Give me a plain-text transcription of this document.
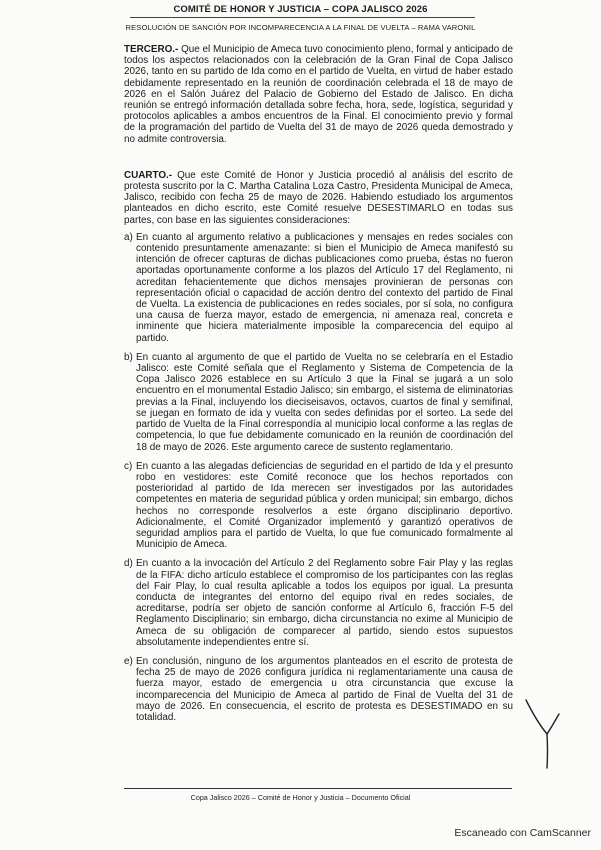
COMITÉ DE HONOR Y JUSTICIA – COPA JALISCO 2026
RESOLUCIÓN DE SANCIÓN POR INCOMPARECENCIA A LA FINAL DE VUELTA – RAMA VARONIL

TERCERO.- Que el Municipio de Ameca tuvo conocimiento pleno, formal y anticipado de todos los aspectos relacionados con la celebración de la Gran Final de Copa Jalisco 2026, tanto en su partido de Ida como en el partido de Vuelta, en virtud de haber estado debidamente representado en la reunión de coordinación celebrada el 18 de mayo de 2026 en el Salón Juárez del Palacio de Gobierno del Estado de Jalisco. En dicha reunión se entregó información detallada sobre fecha, hora, sede, logística, seguridad y protocolos aplicables a ambos encuentros de la Final. El conocimiento previo y formal de la programación del partido de Vuelta del 31 de mayo de 2026 queda demostrado y no admite controversia.

CUARTO.- Que este Comité de Honor y Justicia procedió al análisis del escrito de protesta suscrito por la C. Martha Catalina Loza Castro, Presidenta Municipal de Ameca, Jalisco, recibido con fecha 25 de mayo de 2026. Habiendo estudiado los argumentos planteados en dicho escrito, este Comité resuelve DESESTIMARLO en todas sus partes, con base en las siguientes consideraciones:

a) En cuanto al argumento relativo a publicaciones y mensajes en redes sociales con contenido presuntamente amenazante: si bien el Municipio de Ameca manifestó su intención de ofrecer capturas de dichas publicaciones como prueba, éstas no fueron aportadas oportunamente conforme a los plazos del Artículo 17 del Reglamento, ni acreditan fehacientemente que dichos mensajes provinieran de personas con representación oficial o capacidad de acción dentro del contexto del partido de Final de Vuelta. La existencia de publicaciones en redes sociales, por sí sola, no configura una causa de fuerza mayor, estado de emergencia, ni amenaza real, concreta e inminente que hiciera materialmente imposible la comparecencia del equipo al partido.
b) En cuanto al argumento de que el partido de Vuelta no se celebraría en el Estadio Jalisco: este Comité señala que el Reglamento y Sistema de Competencia de la Copa Jalisco 2026 establece en su Artículo 3 que la Final se jugará a un solo encuentro en el monumental Estadio Jalisco; sin embargo, el sistema de eliminatorias previas a la Final, incluyendo los dieciseisavos, octavos, cuartos de final y semifinal, se juegan en formato de ida y vuelta con sedes definidas por el sorteo. La sede del partido de Vuelta de la Final correspondía al municipio local conforme a las reglas de competencia, lo que fue debidamente comunicado en la reunión de coordinación del 18 de mayo de 2026. Este argumento carece de sustento reglamentario.
c) En cuanto a las alegadas deficiencias de seguridad en el partido de Ida y el presunto robo en vestidores: este Comité reconoce que los hechos reportados con posterioridad al partido de Ida merecen ser investigados por las autoridades competentes en materia de seguridad pública y orden municipal; sin embargo, dichos hechos no corresponde resolverlos a este órgano disciplinario deportivo. Adicionalmente, el Comité Organizador implementó y garantizó operativos de seguridad amplios para el partido de Vuelta, lo que fue comunicado formalmente al Municipio de Ameca.
d) En cuanto a la invocación del Artículo 2 del Reglamento sobre Fair Play y las reglas de la FIFA: dicho artículo establece el compromiso de los participantes con las reglas del Fair Play, lo cual resulta aplicable a todos los equipos por igual. La presunta conducta de integrantes del entorno del equipo rival en redes sociales, de acreditarse, podría ser objeto de sanción conforme al Artículo 6, fracción F-5 del Reglamento Disciplinario; sin embargo, dicha circunstancia no exime al Municipio de Ameca de su obligación de comparecer al partido, siendo estos supuestos absolutamente independientes entre sí.
e) En conclusión, ninguno de los argumentos planteados en el escrito de protesta de fecha 25 de mayo de 2026 configura jurídica ni reglamentariamente una causa de fuerza mayor, estado de emergencia u otra circunstancia que excuse la incomparecencia del Municipio de Ameca al partido de Final de Vuelta del 31 de mayo de 2026. En consecuencia, el escrito de protesta es DESESTIMADO en su totalidad.
Copa Jalisco 2026 – Comité de Honor y Justicia – Documento Oficial
Escaneado con CamScanner
